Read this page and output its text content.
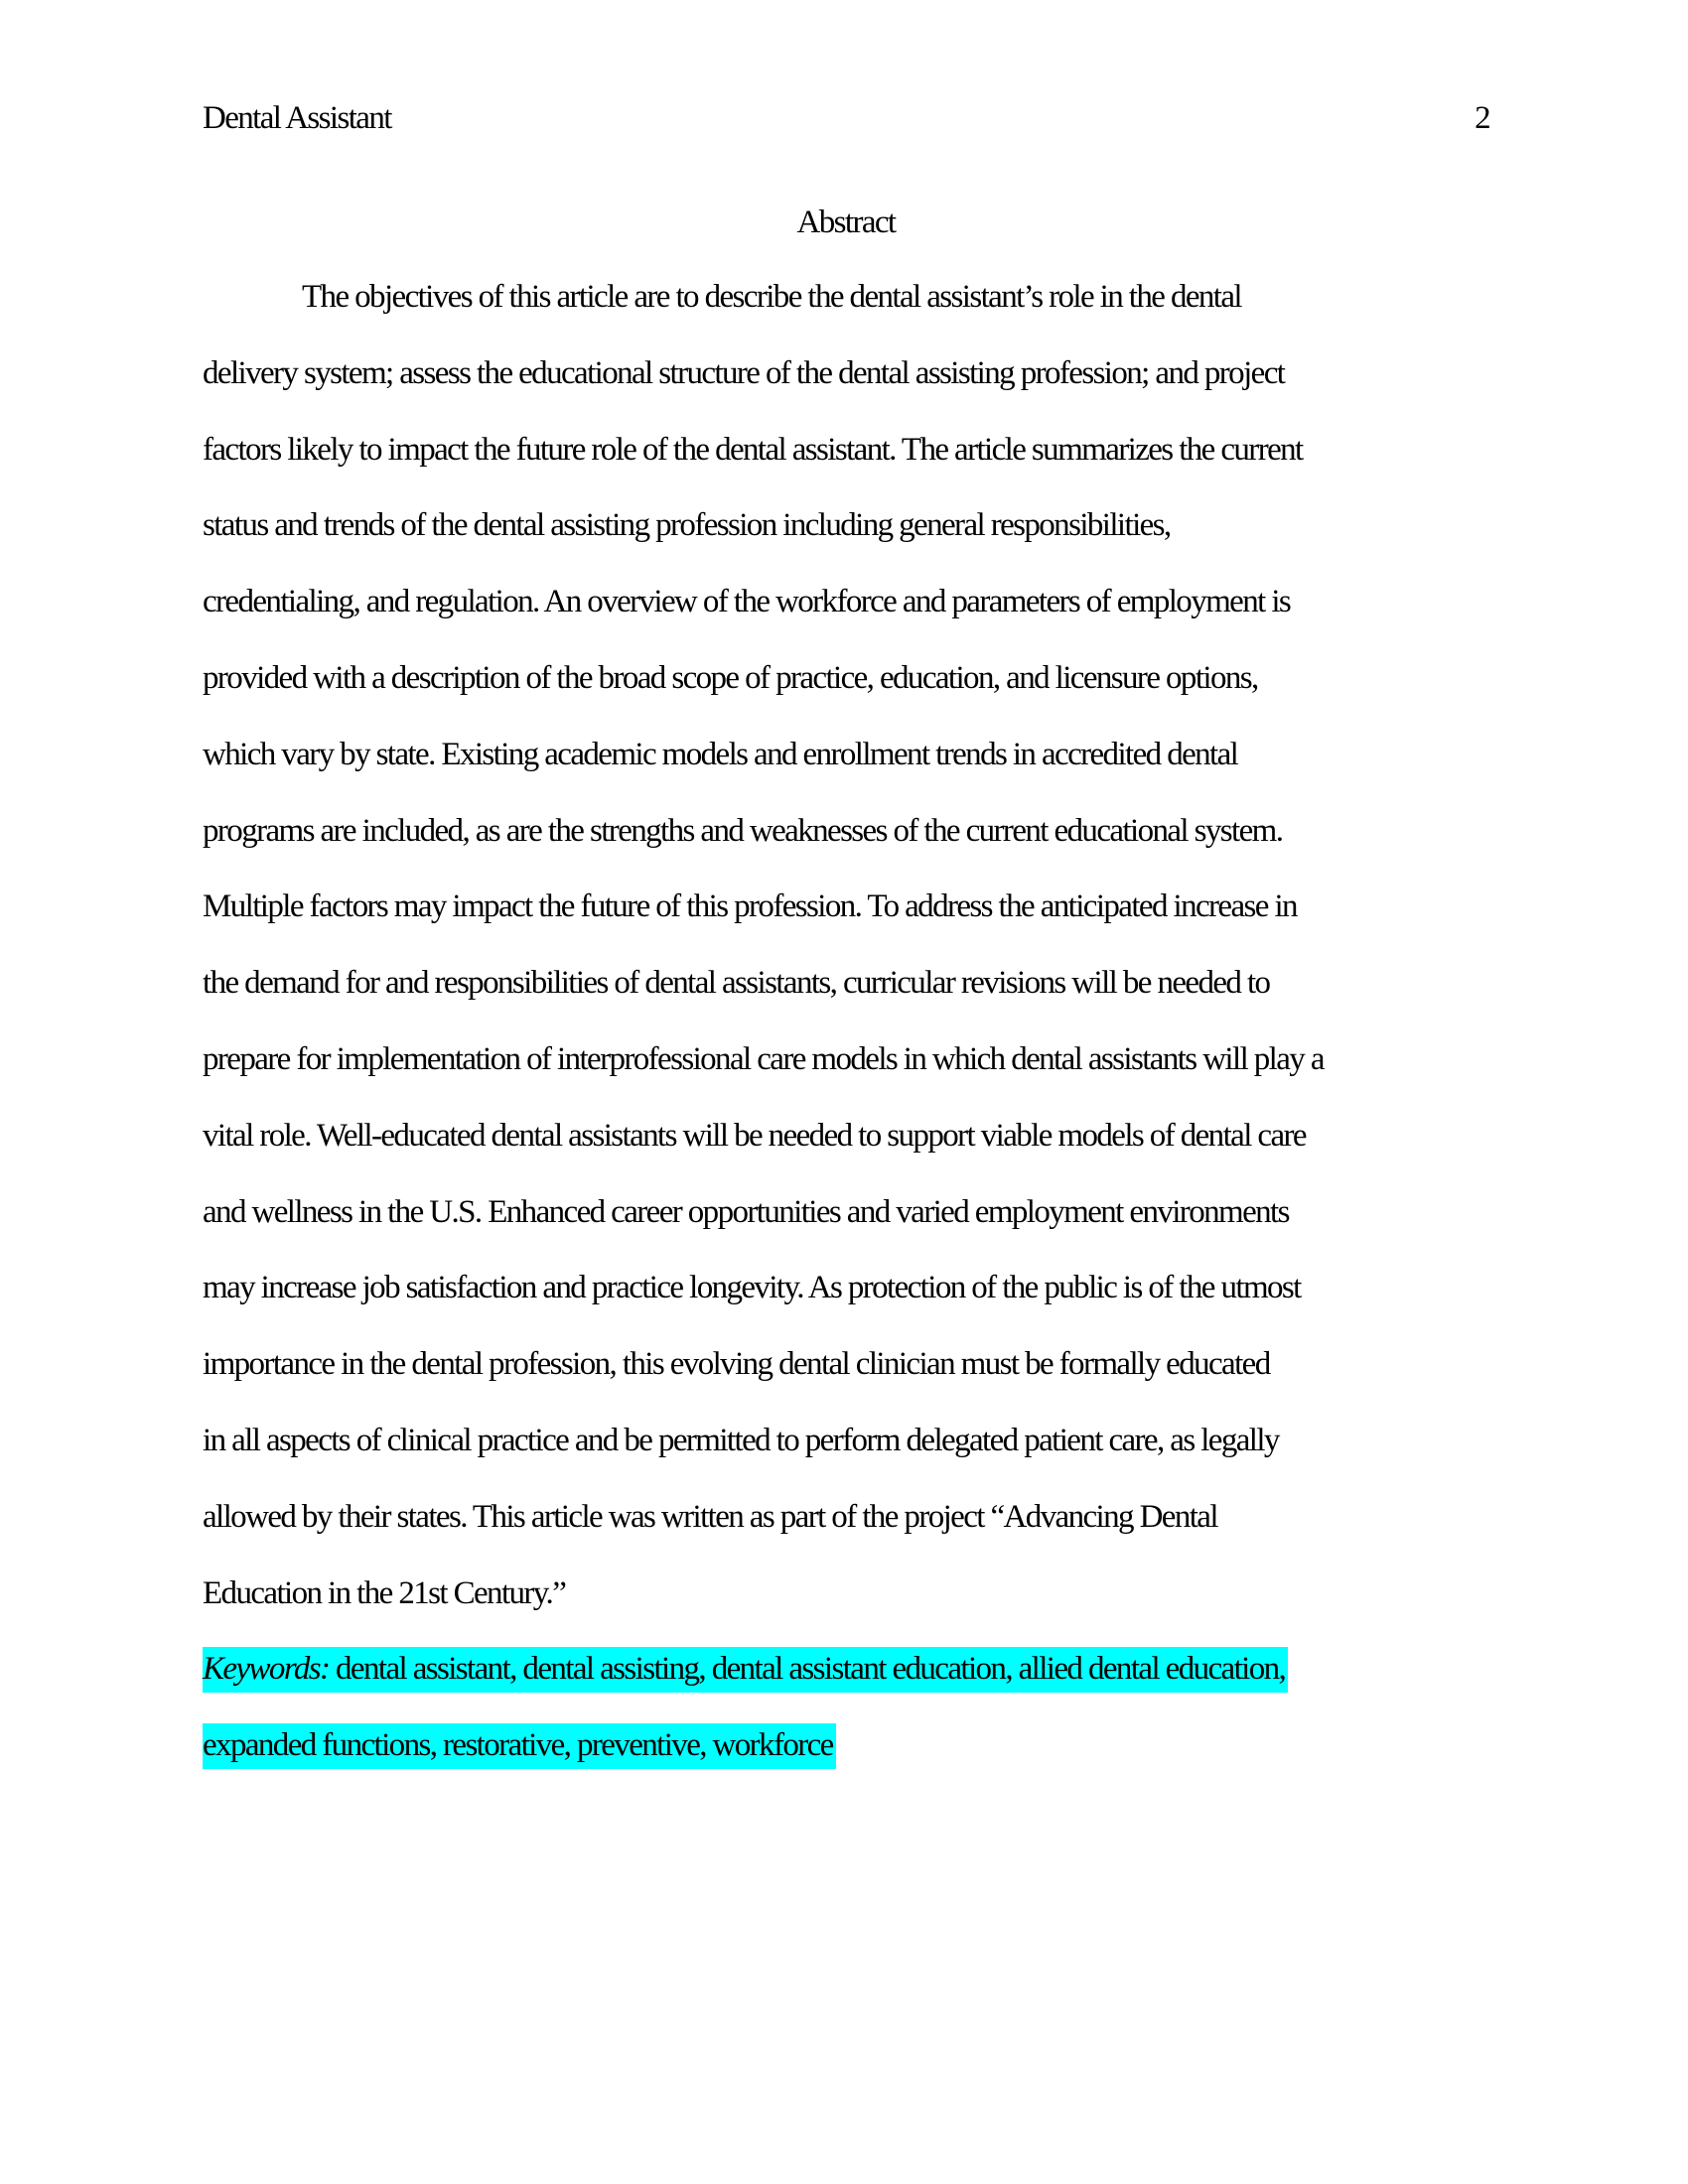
Dental Assistant	2
Abstract
The objectives of this article are to describe the dental assistant’s role in the dental
delivery system; assess the educational structure of the dental assisting profession; and project
factors likely to impact the future role of the dental assistant. The article summarizes the current
status and trends of the dental assisting profession including general responsibilities,
credentialing, and regulation. An overview of the workforce and parameters of employment is
provided with a description of the broad scope of practice, education, and licensure options,
which vary by state. Existing academic models and enrollment trends in accredited dental
programs are included, as are the strengths and weaknesses of the current educational system.
Multiple factors may impact the future of this profession. To address the anticipated increase in
the demand for and responsibilities of dental assistants, curricular revisions will be needed to
prepare for implementation of interprofessional care models in which dental assistants will play a
vital role. Well-educated dental assistants will be needed to support viable models of dental care
and wellness in the U.S. Enhanced career opportunities and varied employment environments
may increase job satisfaction and practice longevity. As protection of the public is of the utmost
importance in the dental profession, this evolving dental clinician must be formally educated
in all aspects of clinical practice and be permitted to perform delegated patient care, as legally
allowed by their states. This article was written as part of the project “Advancing Dental
Education in the 21st Century.”
Keywords: dental assistant, dental assisting, dental assistant education, allied dental education,
expanded functions, restorative, preventive, workforce
